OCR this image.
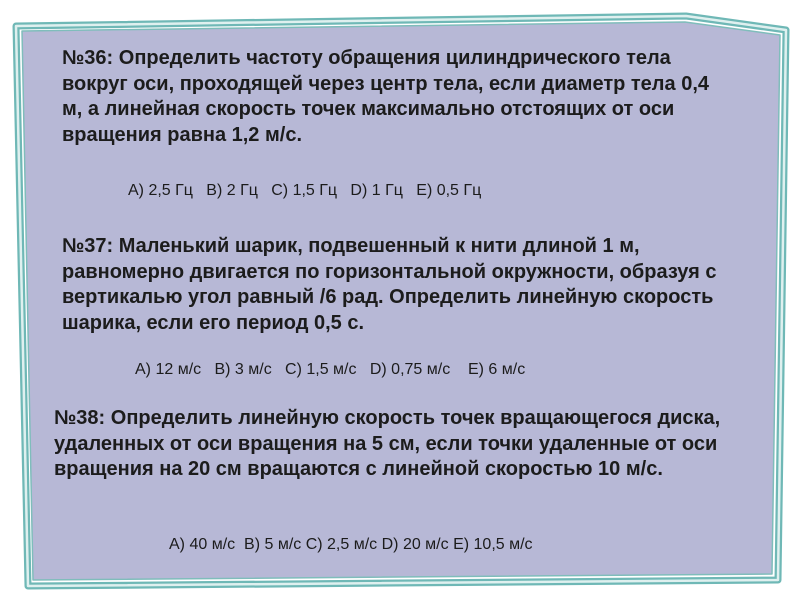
№36: Определить частоту обращения цилиндрического тела вокруг оси, проходящей через центр тела, если диаметр тела 0,4 м, а линейная скорость точек максимально отстоящих от оси вращения равна 1,2 м/с.

A) 2,5 Гц   B) 2 Гц   C) 1,5 Гц   D) 1 Гц   E) 0,5 Гц

№37: Маленький шарик, подвешенный к нити длиной 1 м, равномерно двигается по горизонтальной окружности, образуя с вертикалью угол равный /6 рад. Определить линейную скорость шарика, если его период 0,5 с.

A) 12 м/с   B) 3 м/с   C) 1,5 м/с   D) 0,75 м/с    E) 6 м/с

№38: Определить линейную скорость точек вращающегося диска, удаленных от оси вращения на 5 см, если точки удаленные от оси вращения на 20 см вращаются с линейной скоростью 10 м/с.

A) 40 м/с  B) 5 м/с C) 2,5 м/с D) 20 м/с E) 10,5 м/с
